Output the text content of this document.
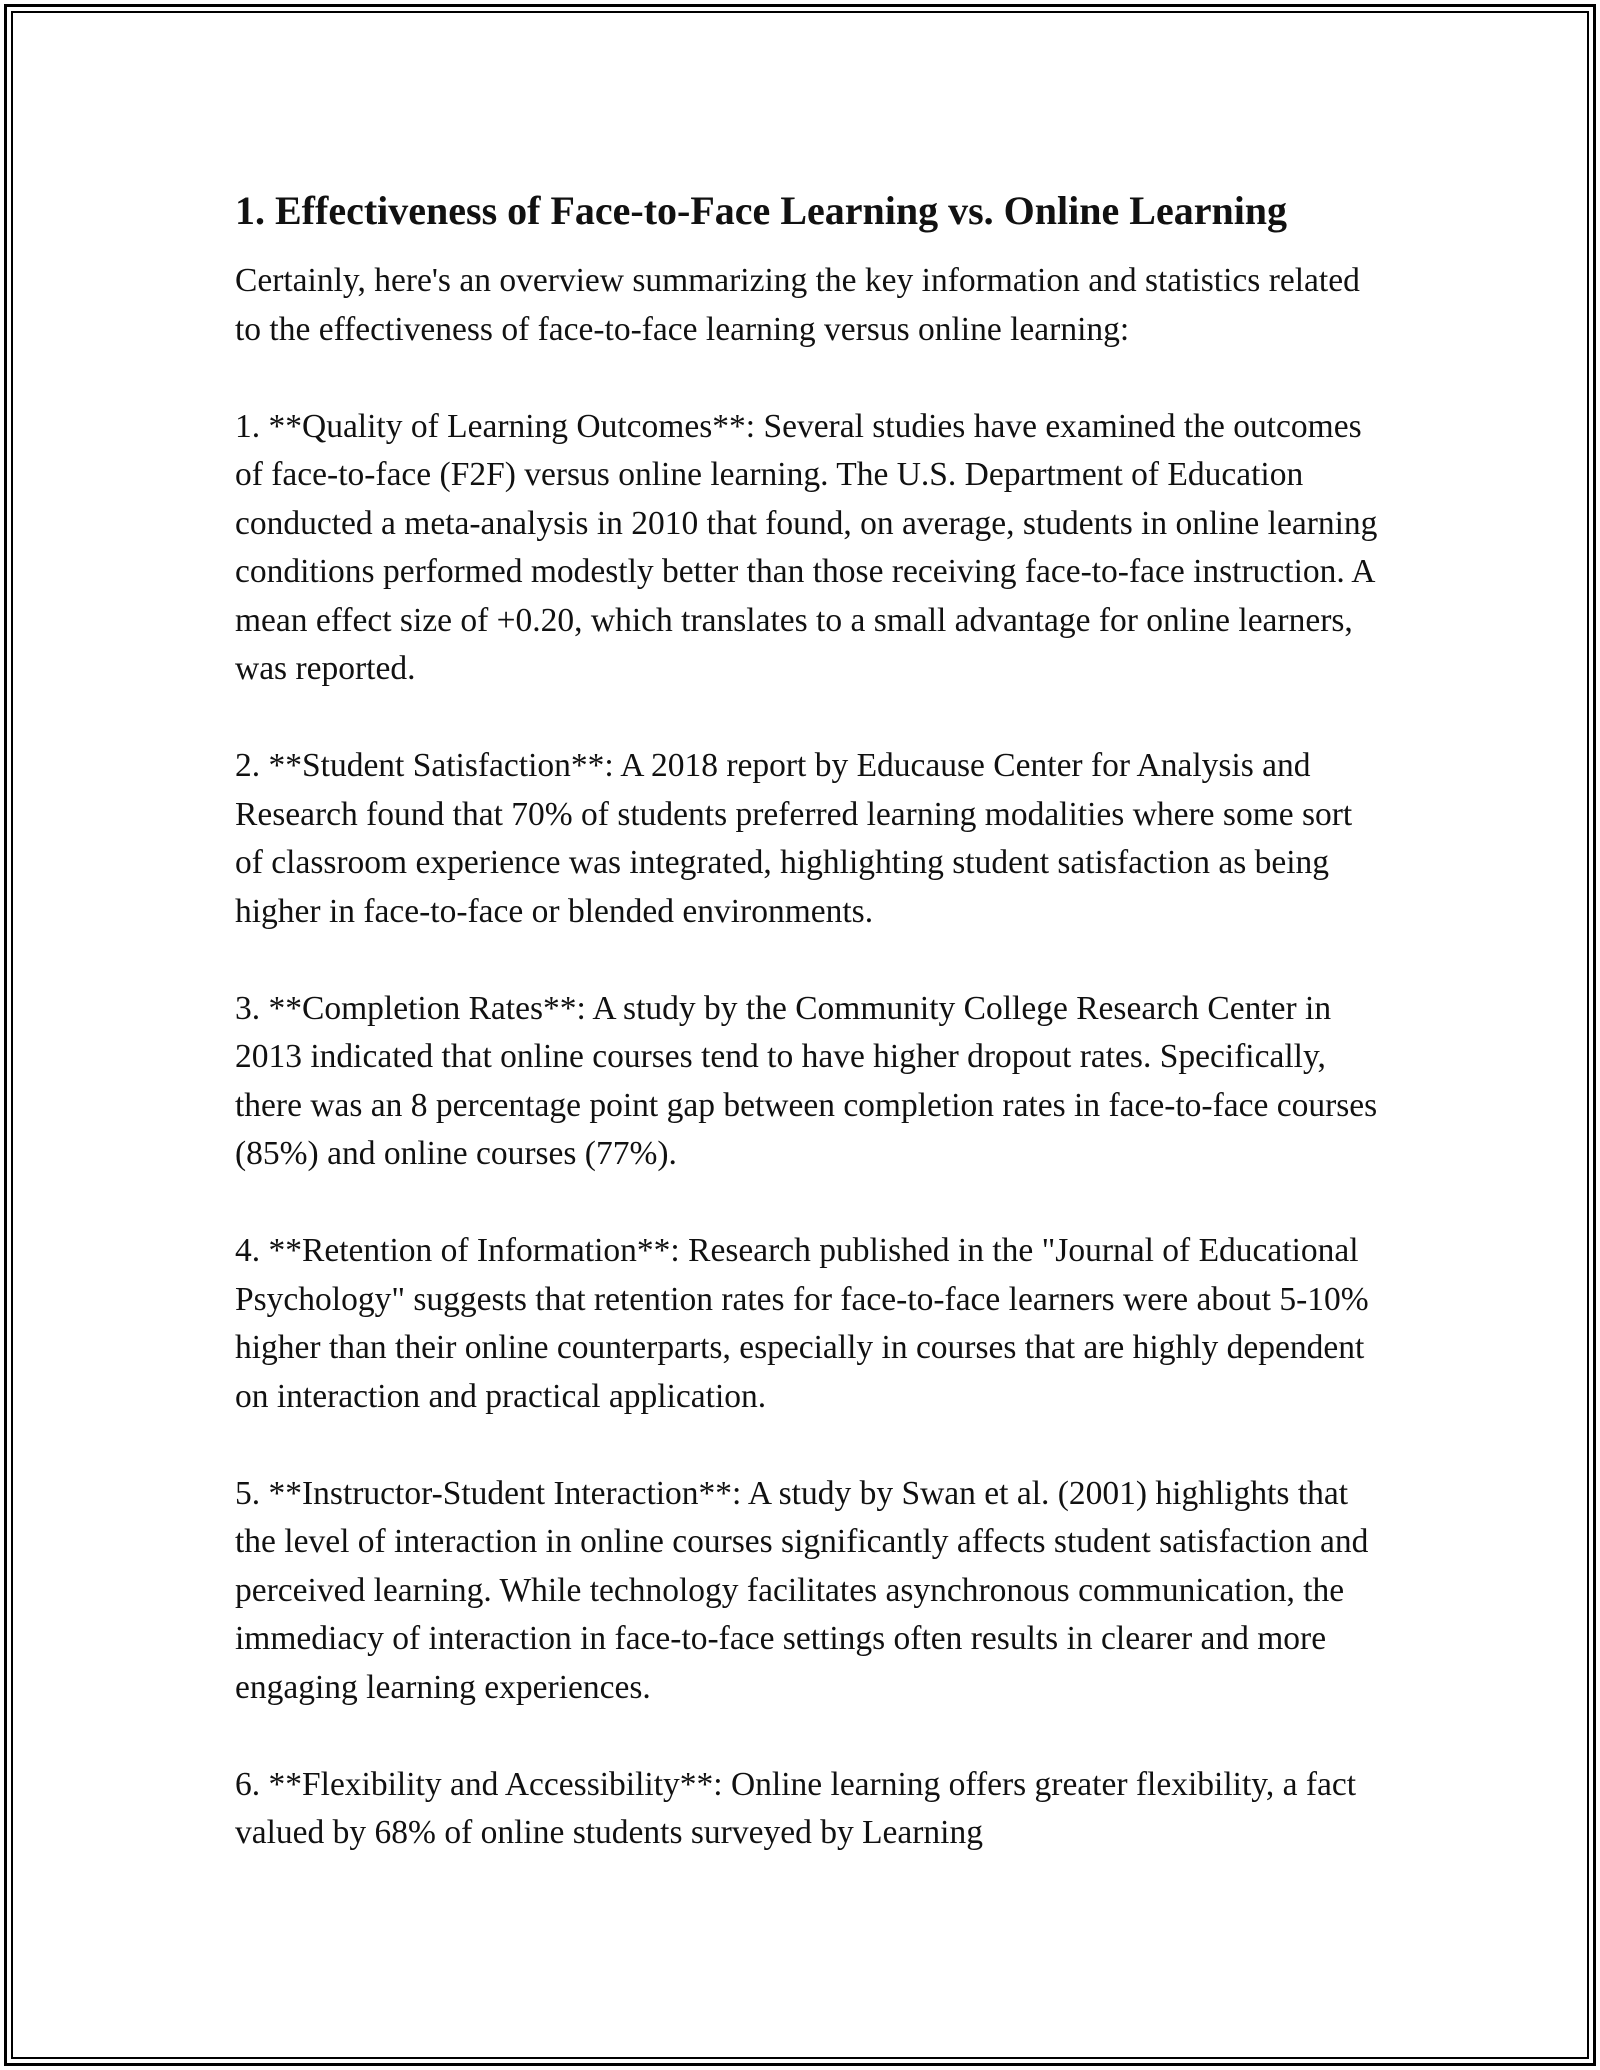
1. Effectiveness of Face-to-Face Learning vs. Online Learning

Certainly, here's an overview summarizing the key information and statistics related to the effectiveness of face-to-face learning versus online learning:

1. **Quality of Learning Outcomes**: Several studies have examined the outcomes of face-to-face (F2F) versus online learning. The U.S. Department of Education conducted a meta-analysis in 2010 that found, on average, students in online learning conditions performed modestly better than those receiving face-to-face instruction. A mean effect size of +0.20, which translates to a small advantage for online learners, was reported.

2. **Student Satisfaction**: A 2018 report by Educause Center for Analysis and Research found that 70% of students preferred learning modalities where some sort of classroom experience was integrated, highlighting student satisfaction as being higher in face-to-face or blended environments.

3. **Completion Rates**: A study by the Community College Research Center in 2013 indicated that online courses tend to have higher dropout rates. Specifically, there was an 8 percentage point gap between completion rates in face-to-face courses (85%) and online courses (77%).

4. **Retention of Information**: Research published in the "Journal of Educational Psychology" suggests that retention rates for face-to-face learners were about 5-10% higher than their online counterparts, especially in courses that are highly dependent on interaction and practical application.

5. **Instructor-Student Interaction**: A study by Swan et al. (2001) highlights that the level of interaction in online courses significantly affects student satisfaction and perceived learning. While technology facilitates asynchronous communication, the immediacy of interaction in face-to-face settings often results in clearer and more engaging learning experiences.

6. **Flexibility and Accessibility**: Online learning offers greater flexibility, a fact valued by 68% of online students surveyed by Learning
